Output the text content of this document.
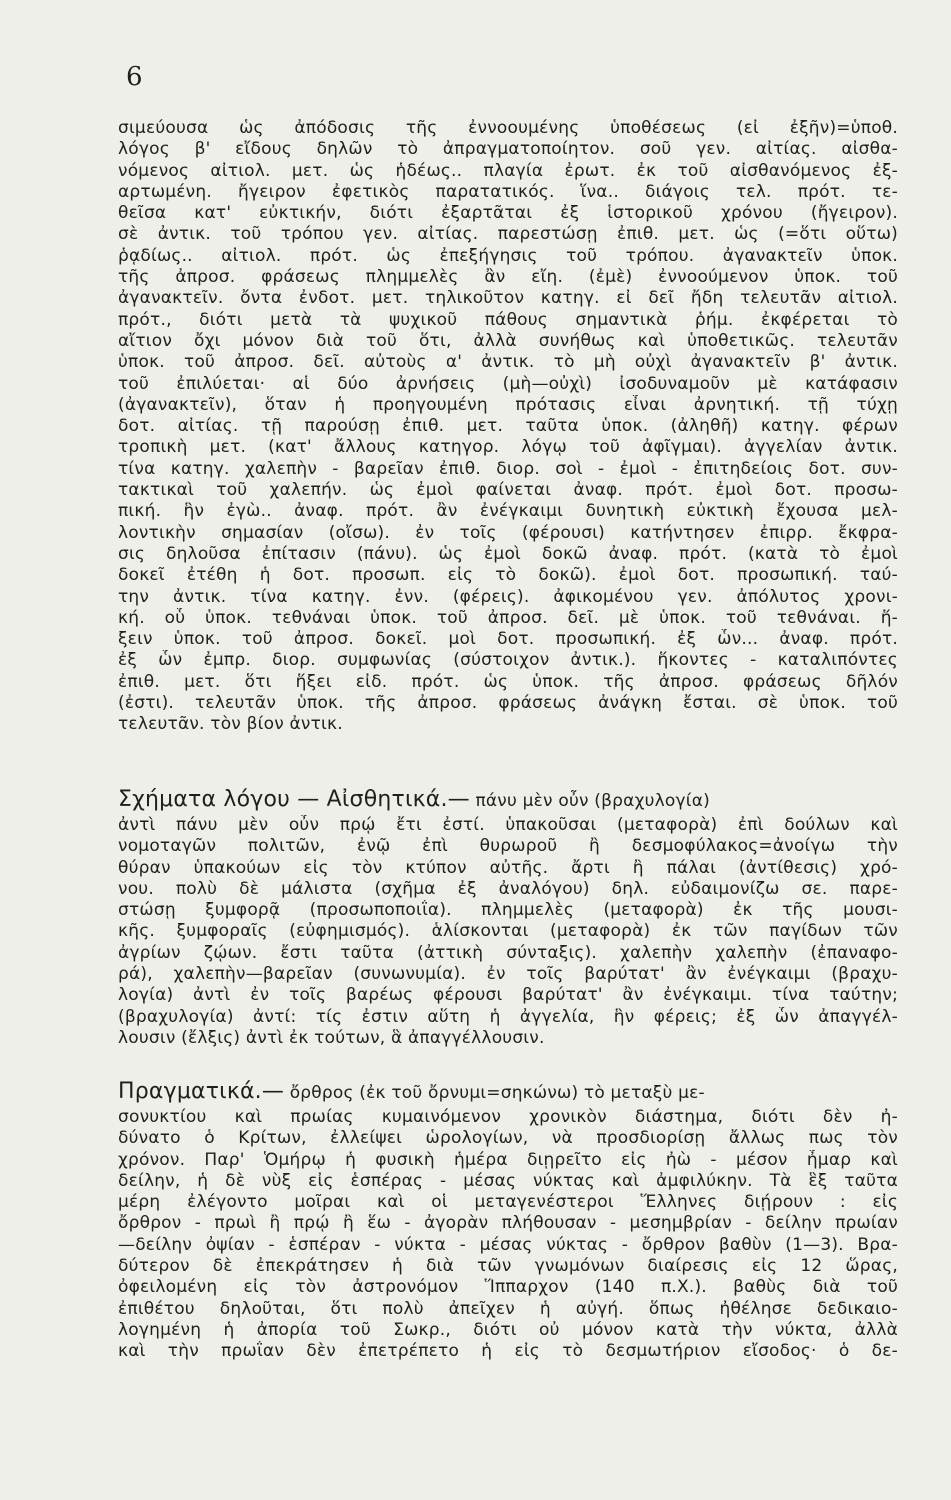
6
σιμεύουσα ὡς ἀπόδοσις τῆς ἐννοουμένης ὑποθέσεως (εἰ ἐξῆν)=ὑποθ.
λόγος β' εἴδους δηλῶν τὸ ἀπραγματοποίητον. σοῦ γεν. αἰτίας. αἰσθα-
νόμενος αἰτιολ. μετ. ὡς ἡδέως.. πλαγία ἐρωτ. ἐκ τοῦ αἰσθανόμενος ἐξ-
αρτωμένη. ἤγειρον ἐφετικὸς παρατατικός. ἵνα.. διάγοις τελ. πρότ. τε-
θεῖσα κατ' εὐκτικήν, διότι ἐξαρτᾶται ἐξ ἱστορικοῦ χρόνου (ἤγειρον).
σὲ ἀντικ. τοῦ τρόπου γεν. αἰτίας. παρεστώσῃ ἐπιθ. μετ. ὡς (=ὅτι οὕτω)
ῥᾳδίως.. αἰτιολ. πρότ. ὡς ἐπεξήγησις τοῦ τρόπου. ἀγανακτεῖν ὑποκ.
τῆς ἀπροσ. φράσεως πλημμελὲς ἂν εἴη. (ἐμὲ) ἐννοούμενον ὑποκ. τοῦ
ἀγανακτεῖν. ὄντα ἐνδοτ. μετ. τηλικοῦτον κατηγ. εἰ δεῖ ἤδη τελευτᾶν αἰτιολ.
πρότ., διότι μετὰ τὰ ψυχικοῦ πάθους σημαντικὰ ῥήμ. ἐκφέρεται τὸ
αἴτιον ὄχι μόνον διὰ τοῦ ὅτι, ἀλλὰ συνήθως καὶ ὑποθετικῶς. τελευτᾶν
ὑποκ. τοῦ ἀπροσ. δεῖ. αὐτοὺς α' ἀντικ. τὸ μὴ οὐχὶ ἀγανακτεῖν β' ἀντικ.
τοῦ ἐπιλύεται· αἱ δύο ἀρνήσεις (μὴ—οὐχὶ) ἰσοδυναμοῦν μὲ κατάφασιν
(ἀγανακτεῖν), ὅταν ἡ προηγουμένη πρότασις εἶναι ἀρνητική. τῇ τύχῃ
δοτ. αἰτίας. τῇ παρούσῃ ἐπιθ. μετ. ταῦτα ὑποκ. (ἀληθῆ) κατηγ. φέρων
τροπικὴ μετ. (κατ' ἄλλους κατηγορ. λόγῳ τοῦ ἀφῖγμαι). ἀγγελίαν ἀντικ.
τίνα κατηγ. χαλεπὴν - βαρεῖαν ἐπιθ. διορ. σοὶ - ἐμοὶ - ἐπιτηδείοις δοτ. συν-
τακτικαὶ τοῦ χαλεπήν. ὡς ἐμοὶ φαίνεται ἀναφ. πρότ. ἐμοὶ δοτ. προσω-
πική. ἣν ἐγὼ.. ἀναφ. πρότ. ἂν ἐνέγκαιμι δυνητικὴ εὐκτικὴ ἔχουσα μελ-
λοντικὴν σημασίαν (οἴσω). ἐν τοῖς (φέρουσι) κατήντησεν ἐπιρρ. ἔκφρα-
σις δηλοῦσα ἐπίτασιν (πάνυ). ὡς ἐμοὶ δοκῶ ἀναφ. πρότ. (κατὰ τὸ ἐμοὶ
δοκεῖ ἐτέθη ἡ δοτ. προσωπ. εἰς τὸ δοκῶ). ἐμοὶ δοτ. προσωπική. ταύ-
την ἀντικ. τίνα κατηγ. ἐνν. (φέρεις). ἀφικομένου γεν. ἀπόλυτος χρονι-
κή. οὗ ὑποκ. τεθνάναι ὑποκ. τοῦ ἀπροσ. δεῖ. μὲ ὑποκ. τοῦ τεθνάναι. ἥ-
ξειν ὑποκ. τοῦ ἀπροσ. δοκεῖ. μοὶ δοτ. προσωπική. ἐξ ὧν... ἀναφ. πρότ.
ἐξ ὧν ἐμπρ. διορ. συμφωνίας (σύστοιχον ἀντικ.). ἥκοντες - καταλιπόντες
ἐπιθ. μετ. ὅτι ἥξει εἰδ. πρότ. ὡς ὑποκ. τῆς ἀπροσ. φράσεως δῆλόν
(ἐστι). τελευτᾶν ὑποκ. τῆς ἀπροσ. φράσεως ἀνάγκη ἔσται. σὲ ὑποκ. τοῦ
τελευτᾶν. τὸν βίον ἀντικ.
Σχήματα λόγου — Αἰσθητικά.— πάνυ μὲν οὖν (βραχυλογία)
ἀντὶ πάνυ μὲν οὖν πρῴ ἔτι ἐστί. ὑπακοῦσαι (μεταφορὰ) ἐπὶ δούλων καὶ
νομοταγῶν πολιτῶν, ἐνῷ ἐπὶ θυρωροῦ ἢ δεσμοφύλακος=ἀνοίγω τὴν
θύραν ὑπακούων εἰς τὸν κτύπον αὐτῆς. ἄρτι ἢ πάλαι (ἀντίθεσις) χρό-
νου. πολὺ δὲ μάλιστα (σχῆμα ἐξ ἀναλόγου) δηλ. εὐδαιμονίζω σε. παρε-
στώσῃ ξυμφορᾷ (προσωποποιΐα). πλημμελὲς (μεταφορὰ) ἐκ τῆς μουσι-
κῆς. ξυμφοραῖς (εὐφημισμός). ἁλίσκονται (μεταφορὰ) ἐκ τῶν παγίδων τῶν
ἀγρίων ζῴων. ἔστι ταῦτα (ἀττικὴ σύνταξις). χαλεπὴν χαλεπὴν (ἐπαναφο-
ρά), χαλεπὴν—βαρεῖαν (συνωνυμία). ἐν τοῖς βαρύτατ' ἂν ἐνέγκαιμι (βραχυ-
λογία) ἀντὶ ἐν τοῖς βαρέως φέρουσι βαρύτατ' ἂν ἐνέγκαιμι. τίνα ταύτην;
(βραχυλογία) ἀντί: τίς ἐστιν αὕτη ἡ ἀγγελία, ἣν φέρεις; ἐξ ὧν ἀπαγγέλ-
λουσιν (ἔλξις) ἀντὶ ἐκ τούτων, ἃ ἀπαγγέλλουσιν.
Πραγματικά.— ὄρθρος (ἐκ τοῦ ὄρνυμι=σηκώνω) τὸ μεταξὺ με-
σονυκτίου καὶ πρωίας κυμαινόμενον χρονικὸν διάστημα, διότι δὲν ἠ-
δύνατο ὁ Κρίτων, ἐλλείψει ὡρολογίων, νὰ προσδιορίσῃ ἄλλως πως τὸν
χρόνον. Παρ' Ὁμήρῳ ἡ φυσικὴ ἡμέρα διῃρεῖτο εἰς ἠὼ - μέσον ἦμαρ καὶ
δείλην, ἡ δὲ νὺξ εἰς ἑσπέρας - μέσας νύκτας καὶ ἀμφιλύκην. Τὰ ἓξ ταῦτα
μέρη ἐλέγοντο μοῖραι καὶ οἱ μεταγενέστεροι Ἕλληνες διῄρουν : εἰς
ὄρθρον - πρωὶ ἢ πρῴ ἢ ἕω - ἀγορὰν πλήθουσαν - μεσημβρίαν - δείλην πρωίαν
—δείλην ὀψίαν - ἑσπέραν - νύκτα - μέσας νύκτας - ὄρθρον βαθὺν (1—3). Βρα-
δύτερον δὲ ἐπεκράτησεν ἡ διὰ τῶν γνωμόνων διαίρεσις εἰς 12 ὥρας,
ὀφειλομένη εἰς τὸν ἀστρονόμον Ἵππαρχον (140 π.Χ.). βαθὺς διὰ τοῦ
ἐπιθέτου δηλοῦται, ὅτι πολὺ ἀπεῖχεν ἡ αὐγή. ὅπως ἠθέλησε δεδικαιο-
λογημένη ἡ ἀπορία τοῦ Σωκρ., διότι οὐ μόνον κατὰ τὴν νύκτα, ἀλλὰ
καὶ τὴν πρωΐαν δὲν ἐπετρέπετο ἡ εἰς τὸ δεσμωτήριον εἴσοδος· ὁ δε-
